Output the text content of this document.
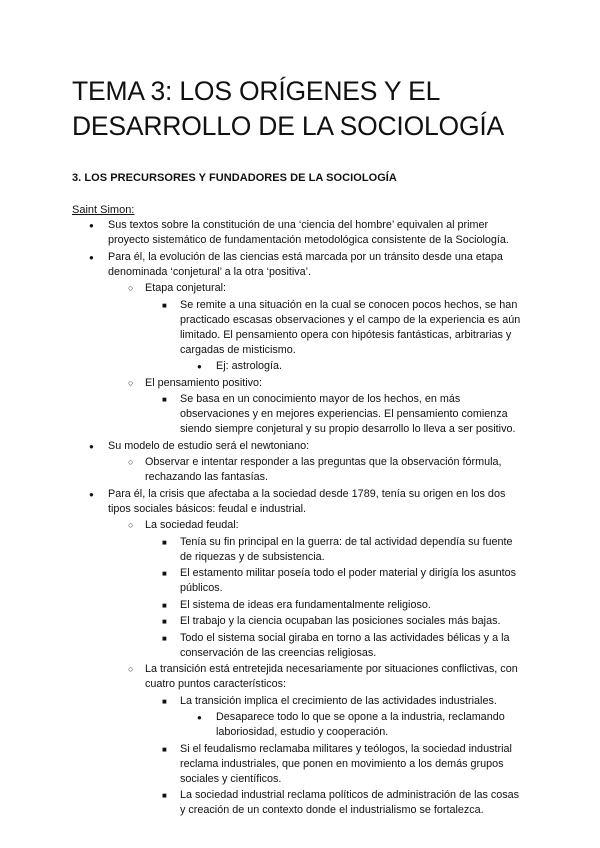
TEMA 3: LOS ORÍGENES Y EL DESARROLLO DE LA SOCIOLOGÍA
3. LOS PRECURSORES Y FUNDADORES DE LA SOCIOLOGÍA

Saint Simon:

●
Sus textos sobre la constitución de una ‘ciencia del hombre’ equivalen al primer proyecto sistemático de fundamentación metodológica consistente de la Sociología.
●
Para él, la evolución de las ciencias está marcada por un tránsito desde una etapa denominada ‘conjetural’ a la otra ‘positiva’.
○
Etapa conjetural:
■
Se remite a una situación en la cual se conocen pocos hechos, se han practicado escasas observaciones y el campo de la experiencia es aún limitado. El pensamiento opera con hipótesis fantásticas, arbitrarias y cargadas de misticismo.
●
Ej: astrología.
○
El pensamiento positivo:
■
Se basa en un conocimiento mayor de los hechos, en más observaciones y en mejores experiencias. El pensamiento comienza siendo siempre conjetural y su propio desarrollo lo lleva a ser positivo.
●
Su modelo de estudio será el newtoniano:
○
Observar e intentar responder a las preguntas que la observación fórmula, rechazando las fantasías.
●
Para él, la crisis que afectaba a la sociedad desde 1789, tenía su origen en los dos tipos sociales básicos: feudal e industrial.
○
La sociedad feudal:
■
Tenía su fin principal en la guerra: de tal actividad dependía su fuente de riquezas y de subsistencia.
■
El estamento militar poseía todo el poder material y dirigía los asuntos públicos.
■
El sistema de ideas era fundamentalmente religioso.
■
El trabajo y la ciencia ocupaban las posiciones sociales más bajas.
■
Todo el sistema social giraba en torno a las actividades bélicas y a la conservación de las creencias religiosas.
○
La transición está entretejida necesariamente por situaciones conflictivas, con cuatro puntos característicos:
■
La transición implica el crecimiento de las actividades industriales.
●
Desaparece todo lo que se opone a la industria, reclamando laboriosidad, estudio y cooperación.
■
Si el feudalismo reclamaba militares y teólogos, la sociedad industrial reclama industriales, que ponen en movimiento a los demás grupos sociales y científicos.
■
La sociedad industrial reclama políticos de administración de las cosas y creación de un contexto donde el industrialismo se fortalezca.
